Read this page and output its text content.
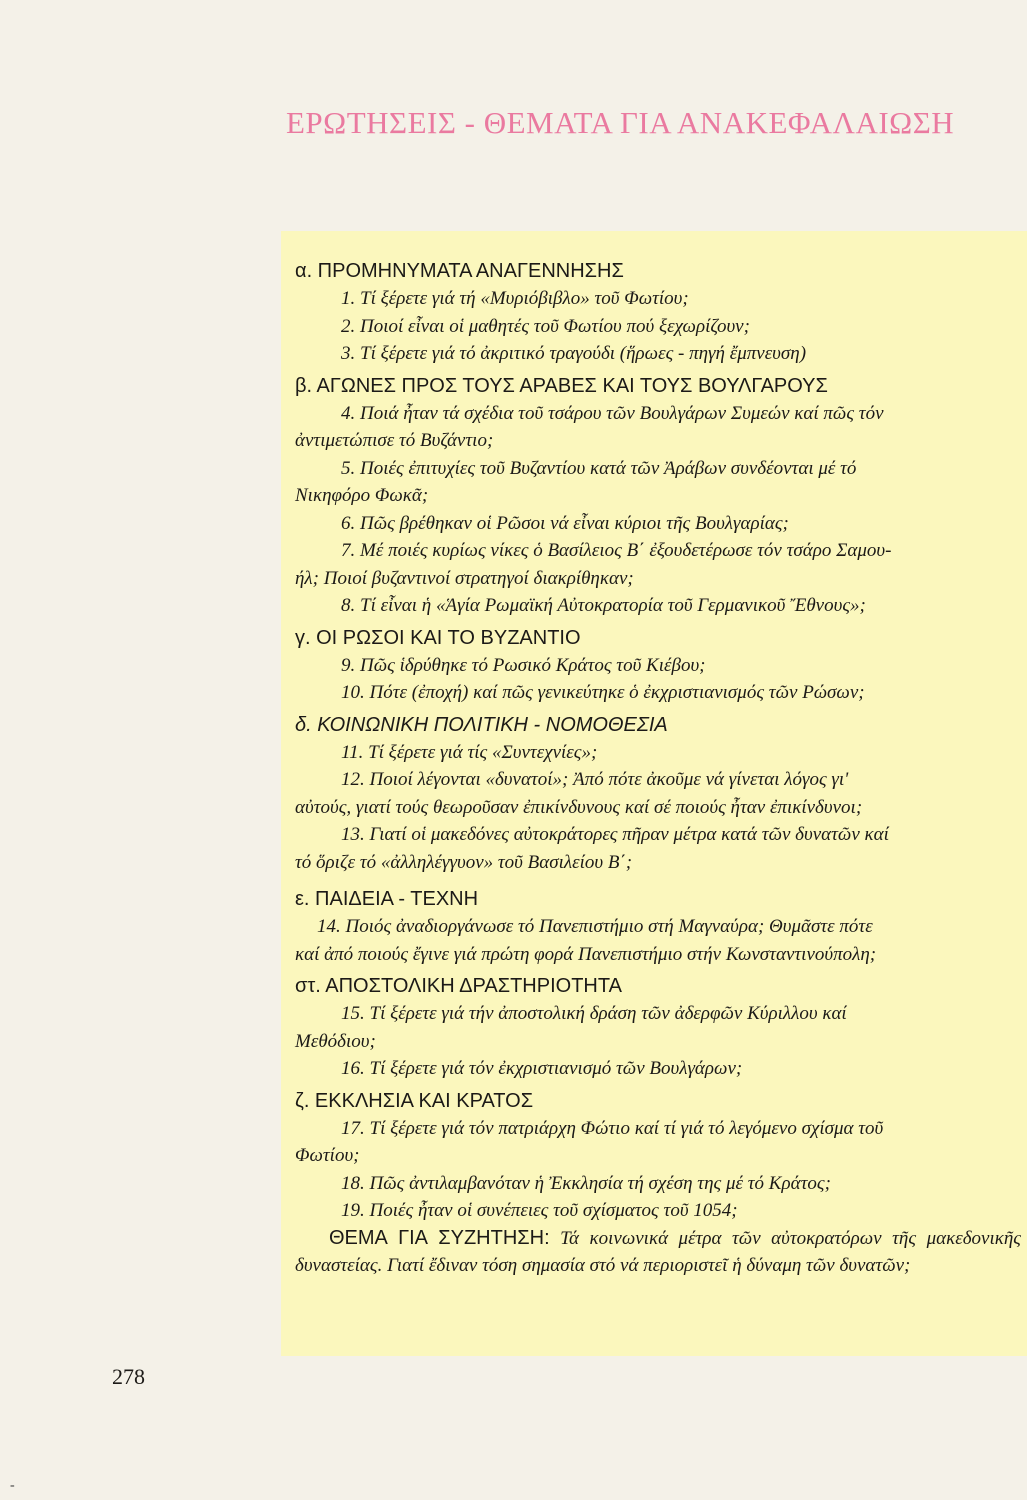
ΕΡΩΤΗΣΕΙΣ - ΘΕΜΑΤΑ ΓΙΑ ΑΝΑΚΕΦΑΛΑΙΩΣΗ

α. ΠΡΟΜΗΝΥΜΑΤΑ ΑΝΑΓΕΝΝΗΣΗΣ

1. Τί ξέρετε γιά τή «Μυριόβιβλο» τοῦ Φωτίου;

2. Ποιοί εἶναι οἱ μαθητές τοῦ Φωτίου πού ξεχωρίζουν;

3. Τί ξέρετε γιά τό ἀκριτικό τραγούδι (ἥρωες - πηγή ἔμπνευση)

β. ΑΓΩΝΕΣ ΠΡΟΣ ΤΟΥΣ ΑΡΑΒΕΣ ΚΑΙ ΤΟΥΣ ΒΟΥΛΓΑΡΟΥΣ

4. Ποιά ἦταν τά σχέδια τοῦ τσάρου τῶν Βουλγάρων Συμεών καί πῶς τόν

ἀντιμετώπισε τό Βυζάντιο;

5. Ποιές ἐπιτυχίες τοῦ Βυζαντίου κατά τῶν Ἀράβων συνδέονται μέ τό

Νικηφόρο Φωκᾶ;

6. Πῶς βρέθηκαν οἱ Ρῶσοι νά εἶναι κύριοι τῆς Βουλγαρίας;

7. Μέ ποιές κυρίως νίκες ὁ Βασίλειος Β΄ ἐξουδετέρωσε τόν τσάρο Σαμου-

ήλ; Ποιοί βυζαντινοί στρατηγοί διακρίθηκαν;

8. Τί εἶναι ἡ «Ἁγία Ρωμαϊκή Αὐτοκρατορία τοῦ Γερμανικοῦ Ἔθνους»;

γ. ΟΙ ΡΩΣΟΙ ΚΑΙ ΤΟ ΒΥΖΑΝΤΙΟ

9. Πῶς ἱδρύθηκε τό Ρωσικό Κράτος τοῦ Κιέβου;

10. Πότε (ἐποχή) καί πῶς γενικεύτηκε ὁ ἐκχριστιανισμός τῶν Ρώσων;

δ. ΚΟΙΝΩΝΙΚΗ ΠΟΛΙΤΙΚΗ - ΝΟΜΟΘΕΣΙΑ

11. Τί ξέρετε γιά τίς «Συντεχνίες»;

12. Ποιοί λέγονται «δυνατοί»; Ἀπό πότε ἀκοῦμε νά γίνεται λόγος γι'

αὐτούς, γιατί τούς θεωροῦσαν ἐπικίνδυνους καί σέ ποιούς ἦταν ἐπικίνδυνοι;

13. Γιατί οἱ μακεδόνες αὐτοκράτορες πῆραν μέτρα κατά τῶν δυνατῶν καί

τό ὅριζε τό «ἀλληλέγγυον» τοῦ Βασιλείου Β΄;

ε. ΠΑΙΔΕΙΑ - ΤΕΧΝΗ

14. Ποιός ἀναδιοργάνωσε τό Πανεπιστήμιο στή Μαγναύρα; Θυμᾶστε πότε

καί ἀπό ποιούς ἔγινε γιά πρώτη φορά Πανεπιστήμιο στήν Κωνσταντινούπολη;

στ. ΑΠΟΣΤΟΛΙΚΗ ΔΡΑΣΤΗΡΙΟΤΗΤΑ

15. Τί ξέρετε γιά τήν ἀποστολική δράση τῶν ἀδερφῶν Κύριλλου καί

Μεθόδιου;

16. Τί ξέρετε γιά τόν ἐκχριστιανισμό τῶν Βουλγάρων;

ζ. ΕΚΚΛΗΣΙΑ ΚΑΙ ΚΡΑΤΟΣ

17. Τί ξέρετε γιά τόν πατριάρχη Φώτιο καί τί γιά τό λεγόμενο σχίσμα τοῦ

Φωτίου;

18. Πῶς ἀντιλαμβανόταν ἡ Ἐκκλησία τή σχέση της μέ τό Κράτος;

19. Ποιές ἦταν οἱ συνέπειες τοῦ σχίσματος τοῦ 1054;

ΘΕΜΑ ΓΙΑ ΣΥΖΗΤΗΣΗ: Τά κοινωνικά μέτρα τῶν αὐτοκρατόρων τῆς μακεδονικῆς δυναστείας. Γιατί ἔδιναν τόση σημασία στό νά περιοριστεῖ ἡ δύναμη τῶν δυνατῶν;

278
-
